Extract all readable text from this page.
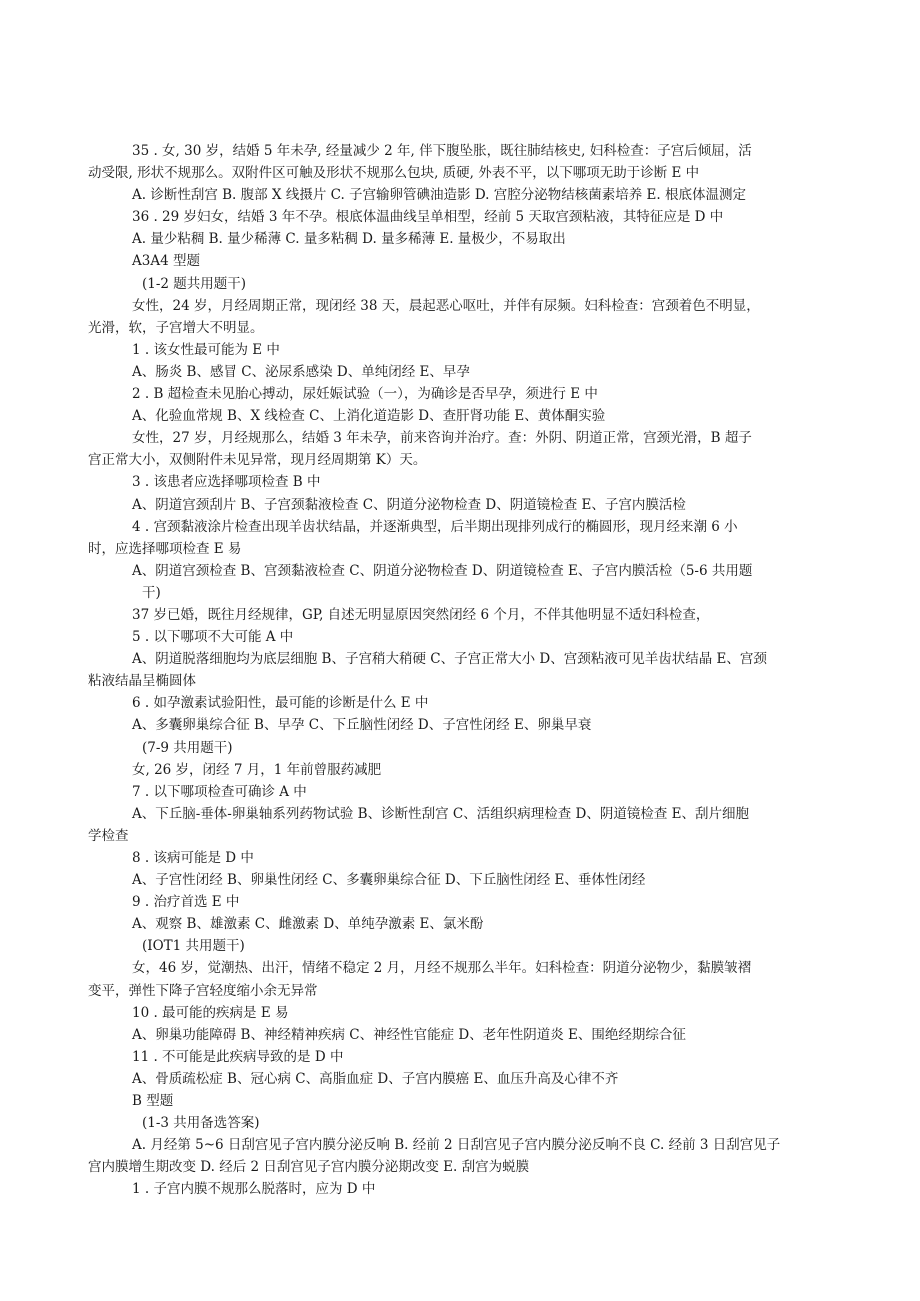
35 . 女, 30 岁，结婚 5 年未孕, 经量减少 2 年, 伴下腹坠胀，既往肺结核史, 妇科检查：子宫后倾屈，活
动受限, 形状不规那么。双附件区可触及形状不规那么包块, 质硬, 外表不平，以下哪项无助于诊断 E 中
A. 诊断性刮宫 B. 腹部 X 线摄片 C. 子宫输卵管碘油造影 D. 宫腔分泌物结核菌素培养 E. 根底体温测定
36 . 29 岁妇女，结婚 3 年不孕。根底体温曲线呈单相型，经前 5 天取宫颈粘液，其特征应是 D 中
A. 量少粘稠 B. 量少稀薄 C. 量多粘稠 D. 量多稀薄 E. 量极少，不易取出
A3A4 型题
(1-2 题共用题干)
女性，24 岁，月经周期正常，现闭经 38 天，晨起恶心呕吐，并伴有尿频。妇科检查：宫颈着色不明显，
光滑，软，子宫增大不明显。
1 . 该女性最可能为 E 中
A、肠炎 B、感冒 C、泌尿系感染 D、单纯闭经 E、早孕
2 . B 超检查未见胎心搏动，尿妊娠试验（一），为确诊是否早孕，须进行 E 中
A、化验血常规 B、X 线检查 C、上消化道造影 D、查肝肾功能 E、黄体酮实验
女性，27 岁，月经规那么，结婚 3 年未孕，前来咨询并治疗。查：外阴、阴道正常，宫颈光滑，B 超子
宫正常大小，双侧附件未见异常，现月经周期第 K）天。
3 . 该患者应选择哪项检查 B 中
A、阴道宫颈刮片 B、子宫颈黏液检查 C、阴道分泌物检查 D、阴道镜检查 E、子宫内膜活检
4 . 宫颈黏液涂片检查出现羊齿状结晶，并逐渐典型，后半期出现排列成行的椭圆形，现月经来潮 6 小
时，应选择哪项检查 E 易
A、阴道宫颈检查 B、宫颈黏液检查 C、阴道分泌物检查 D、阴道镜检查 E、子宫内膜活检（5-6 共用题
干)
37 岁已婚，既往月经规律，GP, 自述无明显原因突然闭经 6 个月，不伴其他明显不适妇科检查，
5 . 以下哪项不大可能 A 中
A、阴道脱落细胞均为底层细胞 B、子宫稍大稍硬 C、子宫正常大小 D、宫颈粘液可见羊齿状结晶 E、宫颈
粘液结晶呈椭圆体
6 . 如孕激素试验阳性，最可能的诊断是什么 E 中
A、多囊卵巢综合征 B、早孕 C、下丘脑性闭经 D、子宫性闭经 E、卵巢早衰
(7-9 共用题干)
女, 26 岁，闭经 7 月，1 年前曾服药减肥
7 . 以下哪项检查可确诊 A 中
A、下丘脑-垂体-卵巢轴系列药物试验 B、诊断性刮宫 C、活组织病理检查 D、阴道镜检查 E、刮片细胞
学检查
8 . 该病可能是 D 中
A、子宫性闭经 B、卵巢性闭经 C、多囊卵巢综合征 D、下丘脑性闭经 E、垂体性闭经
9 . 治疗首选 E 中
A、观察 B、雄激素 C、雌激素 D、单纯孕激素 E、氯米酚
(IOT1 共用题干)
女，46 岁，觉潮热、出汗，情绪不稳定 2 月，月经不规那么半年。妇科检查：阴道分泌物少，黏膜皱褶
变平，弹性下降子宫轻度缩小余无异常
10 . 最可能的疾病是 E 易
A、卵巢功能障碍 B、神经精神疾病 C、神经性官能症 D、老年性阴道炎 E、围绝经期综合征
11 . 不可能是此疾病导致的是 D 中
A、骨质疏松症 B、冠心病 C、高脂血症 D、子宫内膜癌 E、血压升高及心律不齐
B 型题
(1-3 共用备选答案)
A. 月经第 5~6 日刮宫见子宫内膜分泌反响 B. 经前 2 日刮宫见子宫内膜分泌反响不良 C. 经前 3 日刮宫见子
宫内膜增生期改变 D. 经后 2 日刮宫见子宫内膜分泌期改变 E. 刮宫为蜕膜
1 . 子宫内膜不规那么脱落时，应为 D 中
